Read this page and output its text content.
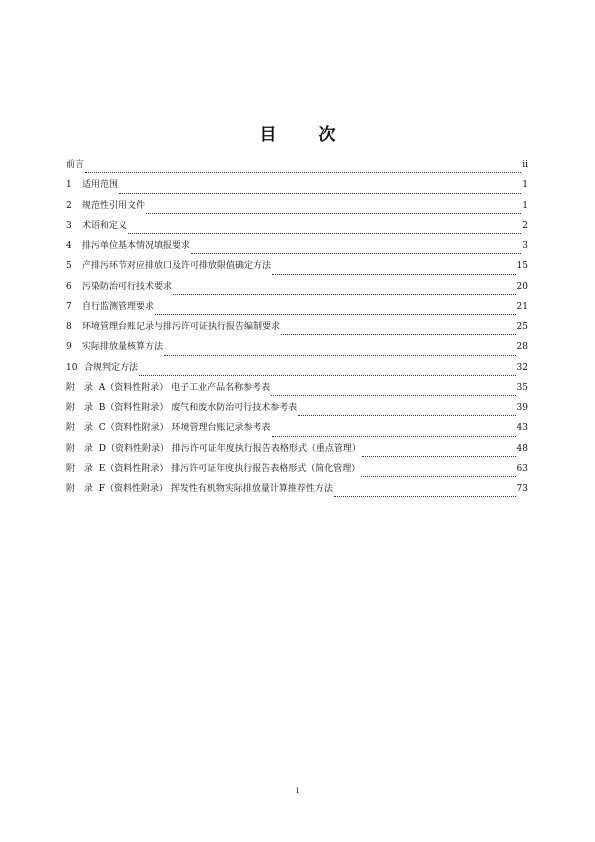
目 次
前言	ii
1	适用范围	1
2	规范性引用文件	1
3	术语和定义	2
4	排污单位基本情况填报要求	3
5	产排污环节对应排放口及许可排放限值确定方法	15
6	污染防治可行技术要求	20
7	自行监测管理要求	21
8	环境管理台账记录与排污许可证执行报告编制要求	25
9	实际排放量核算方法	28
10 合规判定方法	32
附　录 A（资料性附录） 电子工业产品名称参考表	35
附　录 B（资料性附录） 废气和废水防治可行技术参考表	39
附　录 C（资料性附录） 环境管理台账记录参考表	43
附　录 D（资料性附录） 排污许可证年度执行报告表格形式（重点管理）	48
附　录 E（资料性附录） 排污许可证年度执行报告表格形式（简化管理）	63
附　录 F（资料性附录） 挥发性有机物实际排放量计算推荐性方法	73
i
